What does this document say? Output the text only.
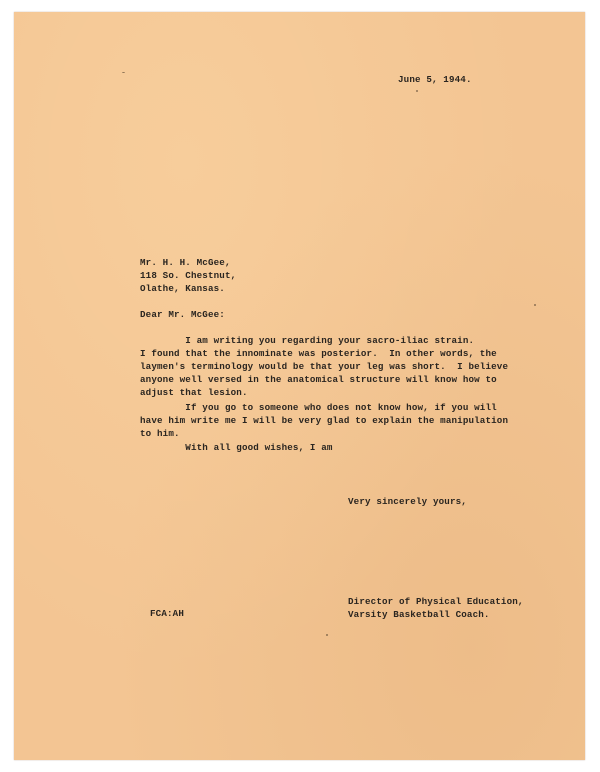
June 5, 1944.
Mr. H. H. McGee,
118 So. Chestnut,
Olathe, Kansas.
Dear Mr. McGee:
I am writing you regarding your sacro-iliac strain.
I found that the innominate was posterior.  In other words, the
laymen's terminology would be that your leg was short.  I believe
anyone well versed in the anatomical structure will know how to
adjust that lesion.
If you go to someone who does not know how, if you will
have him write me I will be very glad to explain the manipulation
to him.
With all good wishes, I am
Very sincerely yours,
Director of Physical Education,
Varsity Basketball Coach.
FCA:AH
